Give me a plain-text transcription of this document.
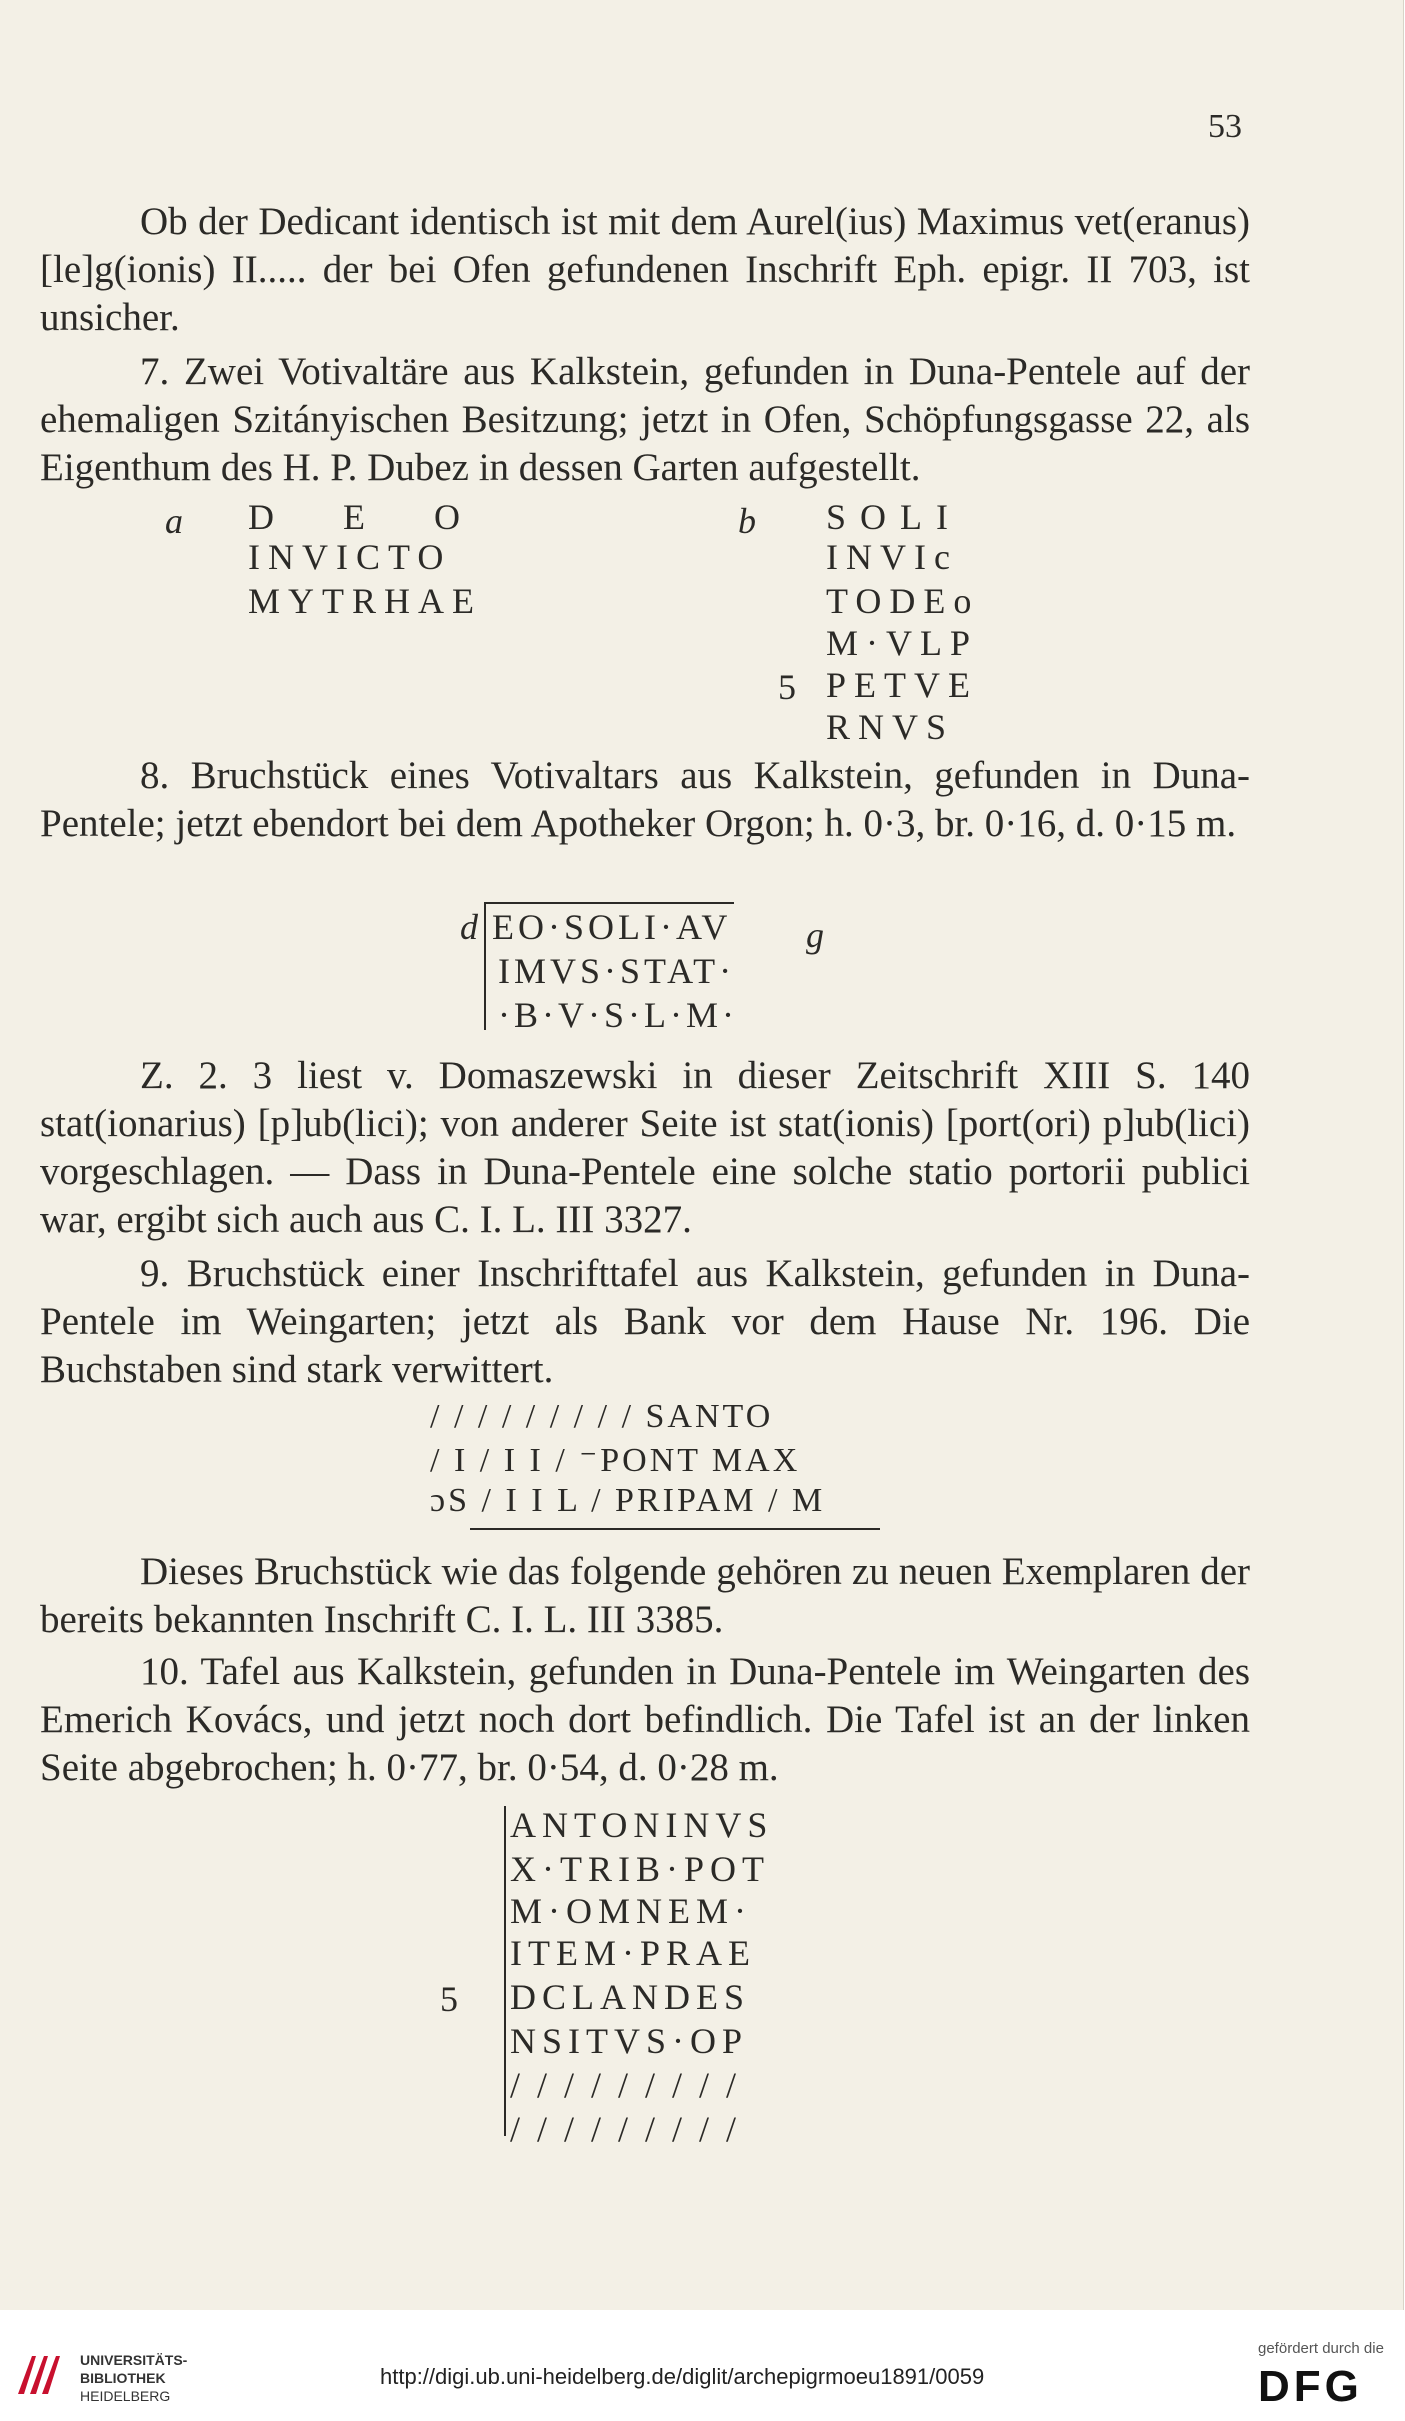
53
Ob der Dedicant identisch ist mit dem Aurel(ius) Maximus vet(eranus) [le]g(ionis) II..... der bei Ofen gefundenen Inschrift Eph. epigr. II 703, ist unsicher.
7. Zwei Votivaltäre aus Kalkstein, gefunden in Duna-Pentele auf der ehemaligen Szitányischen Besitzung; jetzt in Ofen, Schöpfungsgasse 22, als Eigenthum des H. P. Dubez in dessen Garten aufgestellt.
a D E O
INVICTO
MYTRHAE
b SOLI
INVIc
TODEo
M·VLP
5 PETVE
RNVS
8. Bruchstück eines Votivaltars aus Kalkstein, gefunden in Duna-Pentele; jetzt ebendort bei dem Apotheker Orgon; h. 0·3, br. 0·16, d. 0·15 m.
d EO·SOLI·AV g
IMVS·STAT·
·B·V·S·L·M·
Z. 2. 3 liest v. Domaszewski in dieser Zeitschrift XIII S. 140 stat(ionarius) [p]ub(lici); von anderer Seite ist stat(ionis) [port(ori) p]ub(lici) vorgeschlagen. — Dass in Duna-Pentele eine solche statio portorii publici war, ergibt sich auch aus C. I. L. III 3327.
9. Bruchstück einer Inschrifttafel aus Kalkstein, gefunden in Duna-Pentele im Weingarten; jetzt als Bank vor dem Hause Nr. 196. Die Buchstaben sind stark verwittert.
/ / / / / / / / / SANTO
/ I / I I / ⁻PONT MAX
ɔS / I I L / PRIPAM / M
Dieses Bruchstück wie das folgende gehören zu neuen Exemplaren der bereits bekannten Inschrift C. I. L. III 3385.
10. Tafel aus Kalkstein, gefunden in Duna-Pentele im Weingarten des Emerich Kovács, und jetzt noch dort befindlich. Die Tafel ist an der linken Seite abgebrochen; h. 0·77, br. 0·54, d. 0·28 m.
ANTONINVS
X·TRIB·POT
M·OMNEM·
ITEM·PRAE
5 DCLANDES
NSITVS·OP
/ / / / / / / / /
/ / / / / / / / /
UNIVERSITÄTS-
BIBLIOTHEK
HEIDELBERG
http://digi.ub.uni-heidelberg.de/diglit/archepigrmoeu1891/0059
gefördert durch die
DFG
